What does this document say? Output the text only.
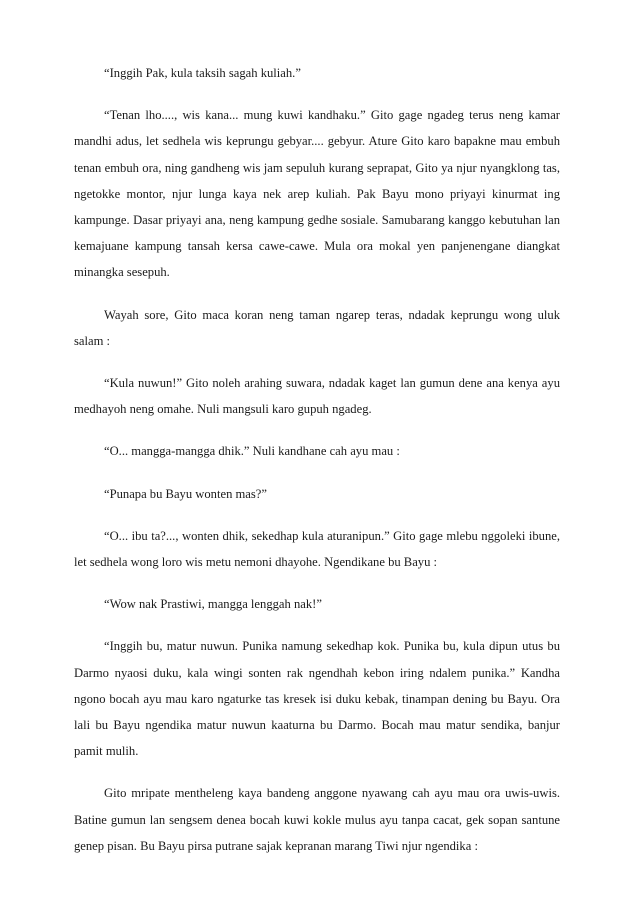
“Inggih Pak, kula taksih sagah kuliah.”

“Tenan lho...., wis kana... mung kuwi kandhaku.” Gito gage ngadeg terus neng kamar mandhi adus, let sedhela wis keprungu gebyar.... gebyur. Ature Gito karo bapakne mau embuh tenan embuh ora, ning gandheng wis jam sepuluh kurang seprapat, Gito ya njur nyangklong tas, ngetokke montor, njur lunga kaya nek arep kuliah. Pak Bayu mono priyayi kinurmat ing kampunge. Dasar priyayi ana, neng kampung gedhe sosiale. Samubarang kanggo kebutuhan lan kemajuane kampung tansah kersa cawe-cawe. Mula ora mokal yen panjenengane diangkat minangka sesepuh.

Wayah sore, Gito maca koran neng taman ngarep teras, ndadak keprungu wong uluk salam :

“Kula nuwun!” Gito noleh arahing suwara, ndadak kaget lan gumun dene ana kenya ayu medhayoh neng omahe. Nuli mangsuli karo gupuh ngadeg.

“O... mangga-mangga dhik.” Nuli kandhane cah ayu mau :

“Punapa bu Bayu wonten mas?”

“O... ibu ta?..., wonten dhik, sekedhap kula aturanipun.” Gito gage mlebu nggoleki ibune, let sedhela wong loro wis metu nemoni dhayohe. Ngendikane bu Bayu :

“Wow nak Prastiwi, mangga lenggah nak!”

“Inggih bu, matur nuwun. Punika namung sekedhap kok. Punika bu, kula dipun utus bu Darmo nyaosi duku, kala wingi sonten rak ngendhah kebon iring ndalem punika.” Kandha ngono bocah ayu mau karo ngaturke tas kresek isi duku kebak, tinampan dening bu Bayu. Ora lali bu Bayu ngendika matur nuwun kaaturna bu Darmo. Bocah mau matur sendika, banjur pamit mulih.

Gito mripate mentheleng kaya bandeng anggone nyawang cah ayu mau ora uwis-uwis. Batine gumun lan sengsem denea bocah kuwi kokle mulus ayu tanpa cacat, gek sopan santune genep pisan. Bu Bayu pirsa putrane sajak kepranan marang Tiwi njur ngendika :
